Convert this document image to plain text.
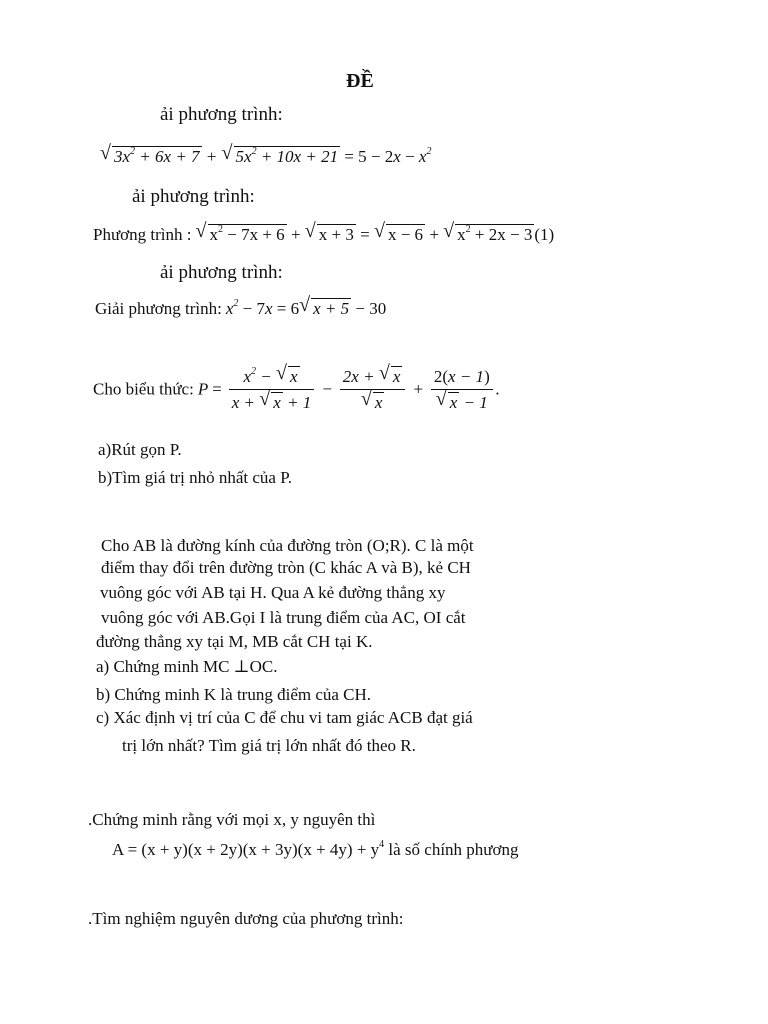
ĐỀ
ải phương trình:
√ $3x^2 + 6x + 7$ + √ $5x^2 + 10x + 21 = 5 - 2x - x^2$
ải phương trình:
Phương trình : √ $x^2 - 7x + 6$ + √ x + 3 = √ x − 6 + √ $x^2 + 2x - 3$ (1)
ải phương trình:
Giải phương trình: $x^2 - 7x = 6√$ x + 5 − 30
Cho biểu thức: $P = \frac{x^2 - √ x}{x + √ x + 1} - 2x$ + √ x
√ x + 2(x − 1)
√ x − 1 .
a)Rút gọn P.
b)Tìm giá trị nhỏ nhất của P.
Cho AB là đường kính của đường tròn (O;R). C là một
điểm thay đổi trên đường tròn (C khác A và B), kẻ CH
vuông góc với AB tại H. Qua A kẻ đường thẳng xy
vuông góc với AB.Gọi I là trung điểm của AC, OI cắt
đường thẳng xy tại M, MB cắt CH tại K.
a) Chứng minh MC ⊥OC.
b) Chứng minh K là trung điểm của CH.
c) Xác định vị trí của C để chu vi tam giác ACB đạt giá
trị lớn nhất? Tìm giá trị lớn nhất đó theo R.
.Chứng minh rằng với mọi x, y nguyên thì
$A = (x + y)(x + 2y)(x + 3y)(x + 4y) + y^4$ là số chính phương
.Tìm nghiệm nguyên dương của phương trình:
